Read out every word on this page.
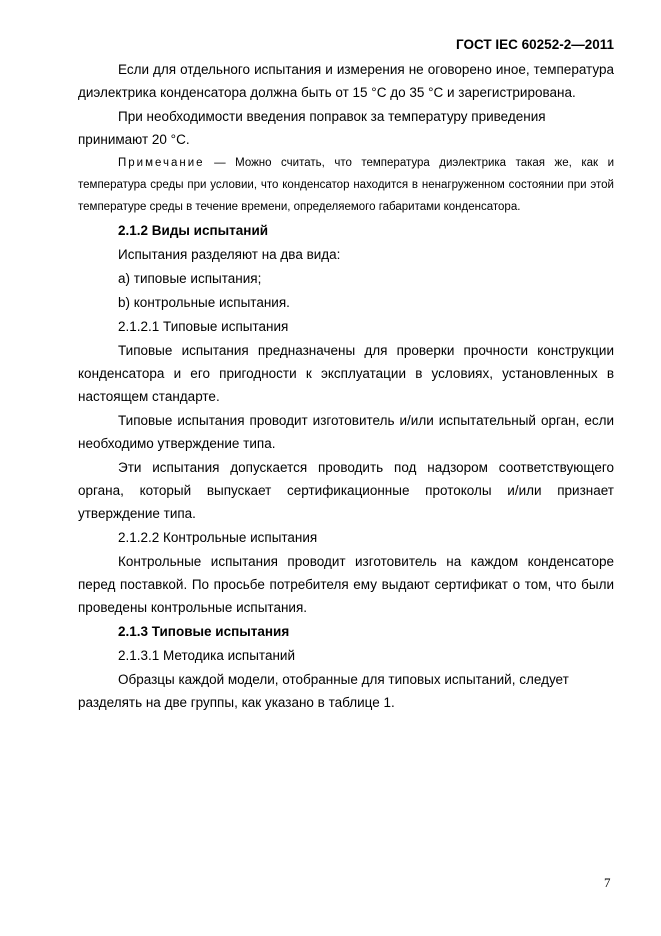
ГОСТ IEC 60252-2—2011

Если для отдельного испытания и измерения не оговорено иное, температура диэлектрика конденсатора должна быть от 15 °С до 35 °С и зарегистрирована.

При необходимости введения поправок за температуру приведения принимают 20 °С.

Примечание — Можно считать, что температура диэлектрика такая же, как и температура среды при условии, что конденсатор находится в ненагруженном состоянии при этой температуре среды в течение времени, определяемого габаритами конденсатора.

2.1.2 Виды испытаний

Испытания разделяют на два вида:

а) типовые испытания;

b) контрольные испытания.

2.1.2.1 Типовые испытания

Типовые испытания предназначены для проверки прочности конструкции конденсатора и его пригодности к эксплуатации в условиях, установленных в настоящем стандарте.

Типовые испытания проводит изготовитель и/или испытательный орган, если необходимо утверждение типа.

Эти испытания допускается проводить под надзором соответствующего органа, который выпускает сертификационные протоколы и/или признает утверждение типа.

2.1.2.2 Контрольные испытания

Контрольные испытания проводит изготовитель на каждом конденсаторе перед поставкой. По просьбе потребителя ему выдают сертификат о том, что были проведены контрольные испытания.

2.1.3 Типовые испытания

2.1.3.1 Методика испытаний

Образцы каждой модели, отобранные для типовых испытаний, следует разделять на две группы, как указано в таблице 1.

7
